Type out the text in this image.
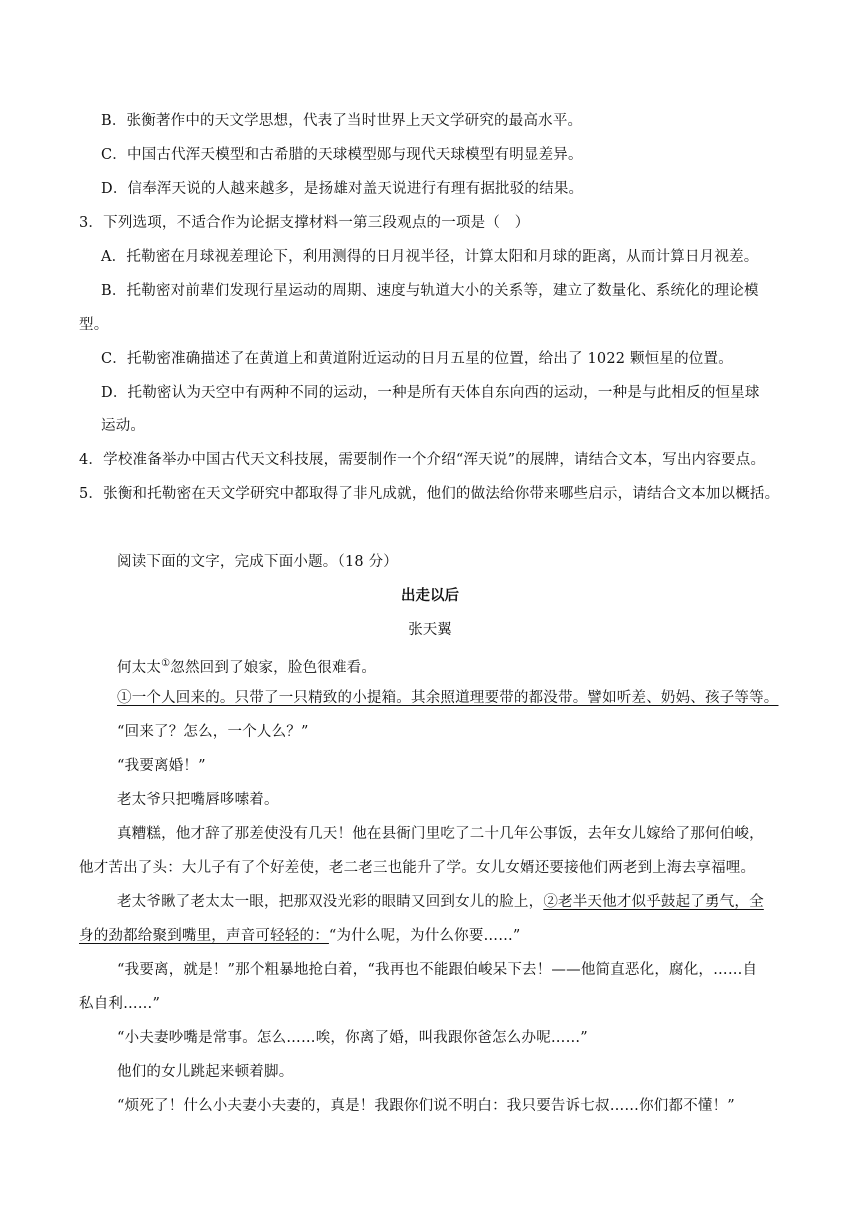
B．张衡著作中的天文学思想，代表了当时世界上天文学研究的最高水平。
C．中国古代浑天模型和古希腊的天球模型郧与现代天球模型有明显差异。
D．信奉浑天说的人越来越多，是扬雄对盖天说进行有理有据批驳的结果。
3．下列选项，不适合作为论据支撑材料一第三段观点的一项是（　）
A．托勒密在月球视差理论下，利用测得的日月视半径，计算太阳和月球的距离，从而计算日月视差。
B．托勒密对前辈们发现行星运动的周期、速度与轨道大小的关系等，建立了数量化、系统化的理论模
型。
C．托勒密准确描述了在黄道上和黄道附近运动的日月五星的位置，给出了 1022 颗恒星的位置。
D．托勒密认为天空中有两种不同的运动，一种是所有天体自东向西的运动，一种是与此相反的恒星球
运动。
4．学校准备举办中国古代天文科技展，需要制作一个介绍“浑天说”的展牌，请结合文本，写出内容要点。
5．张衡和托勒密在天文学研究中都取得了非凡成就，他们的做法给你带来哪些启示，请结合文本加以概括。
阅读下面的文字，完成下面小题。（18 分）
出走以后
张天翼
何太太①忽然回到了娘家，脸色很难看。
①一个人回来的。只带了一只精致的小提箱。其余照道理要带的都没带。譬如听差、奶妈、孩子等等。
“回来了？怎么，一个人么？”
“我要离婚！”
老太爷只把嘴唇哆嗦着。
真糟糕，他才辞了那差使没有几天！他在县衙门里吃了二十几年公事饭，去年女儿嫁给了那何伯峻，
他才苦出了头：大儿子有了个好差使，老二老三也能升了学。女儿女婿还要接他们两老到上海去享福哩。
老太爷瞅了老太太一眼，把那双没光彩的眼睛又回到女儿的脸上，②老半天他才似乎鼓起了勇气，全
身的劲都给聚到嘴里，声音可轻轻的：“为什么呢，为什么你要……”
“我要离，就是！”那个粗暴地抢白着，“我再也不能跟伯峻呆下去！——他简直恶化，腐化，……自
私自利……”
“小夫妻吵嘴是常事。怎么……唉，你离了婚，叫我跟你爸怎么办呢……”
他们的女儿跳起来顿着脚。
“烦死了！什么小夫妻小夫妻的，真是！我跟你们说不明白：我只要告诉七叔……你们都不懂！”
